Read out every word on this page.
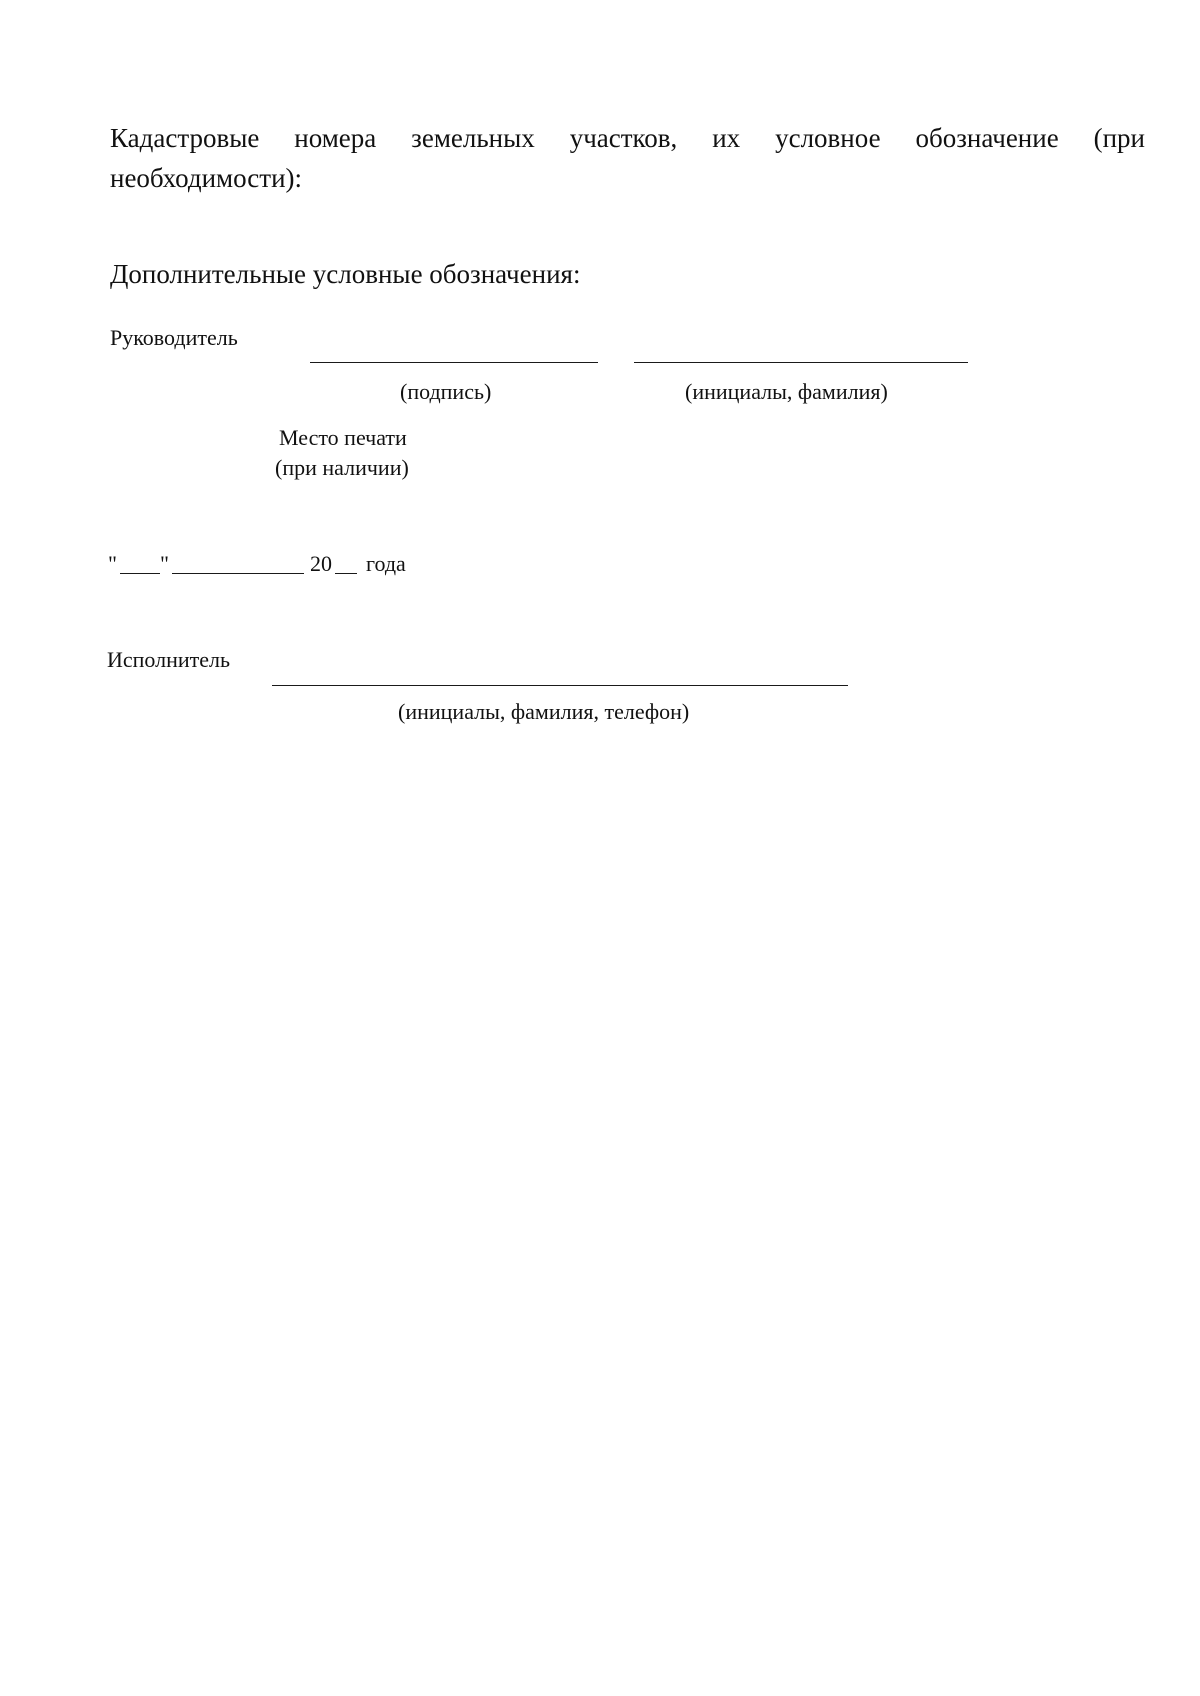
Кадастровые номера земельных участков, их условное обозначение (при
необходимости):
Дополнительные условные обозначения:
Руководитель
(подпись)	(инициалы, фамилия)
Место печати
(при наличии)
" "	20 года
Исполнитель
(инициалы, фамилия, телефон)
